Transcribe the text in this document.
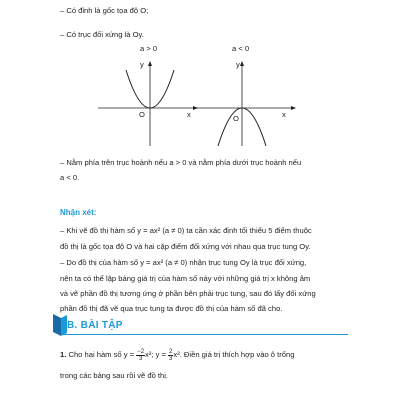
– Có đỉnh là gốc tọa độ O;

– Có trục đối xứng là Oy.

a > 0
y
x
O
a < 0
y
x
O

– Nằm phía trên trục hoành nếu a > 0 và nằm phía dưới trục hoành nếu

a < 0.

Nhận xét:

– Khi vẽ đồ thị hàm số y = ax² (a ≠ 0) ta cần xác định tối thiểu 5 điểm thuộc

đồ thị là gốc tọa độ O và hai cặp điểm đối xứng với nhau qua trục tung Oy.

– Do đồ thị của hàm số y = ax² (a ≠ 0) nhận trục tung Oy là trục đối xứng,

nên ta có thể lập bảng giá trị của hàm số này với những giá trị x không âm

và vẽ phần đồ thị tương ứng ở phần bên phải trục tung, sau đó lấy đối xứng

phần đồ thị đã vẽ qua trục tung ta được đồ thị của hàm số đã cho.

B. BÀI TẬP

1. Cho hai hàm số $y = \frac{-2}{3} x^2$; $y = \frac{2}{3} x^2$. Điền giá trị thích hợp vào ô trống

trong các bảng sau rồi vẽ đồ thị.
